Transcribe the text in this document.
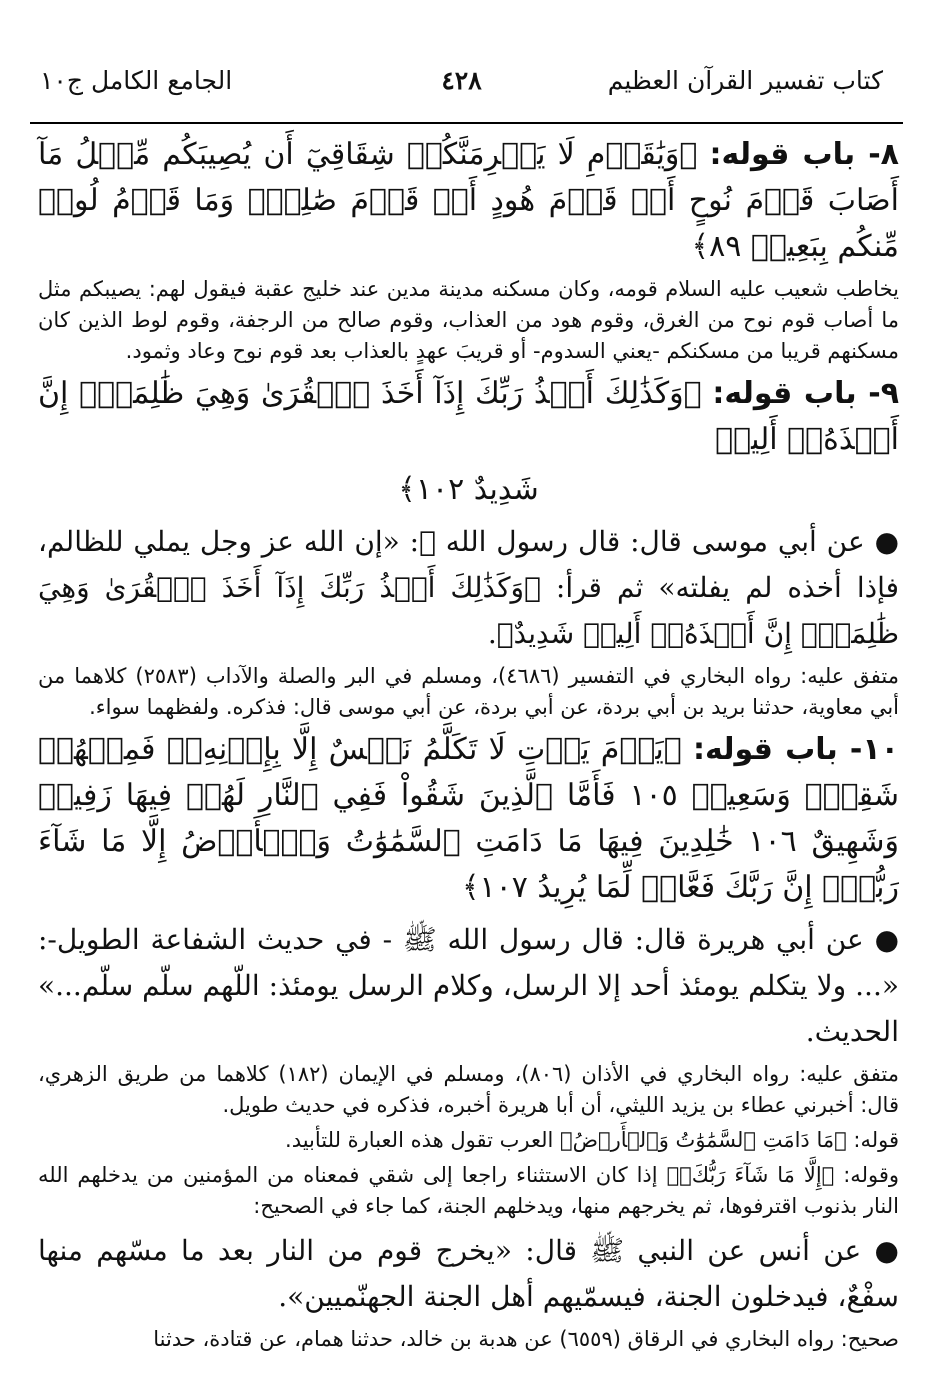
كتاب تفسير القرآن العظيم
٤٢٨
الجامع الكامل ج١٠

٨- باب قوله: ﴿وَيَٰقَوۡمِ لَا يَجۡرِمَنَّكُمۡ شِقَاقِيٓ أَن يُصِيبَكُم مِّثۡلُ مَآ أَصَابَ قَوۡمَ نُوحٍ أَوۡ قَوۡمَ هُودٍ أَوۡ قَوۡمَ صَٰلِحٖۚ وَمَا قَوۡمُ لُوطٖ مِّنكُم بِبَعِيدٖ ٨٩﴾

يخاطب شعيب عليه السلام قومه، وكان مسكنه مدينة مدين عند خليج عقبة فيقول لهم: يصيبكم مثل ما أصاب قوم نوح من الغرق، وقوم هود من العذاب، وقوم صالح من الرجفة، وقوم لوط الذين كان مسكنهم قريبا من مسكنكم -يعني السدوم- أو قريبَ عهدٍ بالعذاب بعد قوم نوح وعاد وثمود.

٩- باب قوله: ﴿وَكَذَٰلِكَ أَخۡذُ رَبِّكَ إِذَآ أَخَذَ ٱلۡقُرَىٰ وَهِيَ ظَٰلِمَةٌۚ إِنَّ أَخۡذَهُۥٓ أَلِيمٞ

شَدِيدٌ ١٠٢﴾

● عن أبي موسى قال: قال رسول الله ﷺ: «إن الله عز وجل يملي للظالم، فإذا أخذه لم يفلته» ثم قرأ: ﴿وَكَذَٰلِكَ أَخۡذُ رَبِّكَ إِذَآ أَخَذَ ٱلۡقُرَىٰ وَهِيَ ظَٰلِمَةٌۚ إِنَّ أَخۡذَهُۥٓ أَلِيمٞ شَدِيدٌ﴾.

متفق عليه: رواه البخاري في التفسير (٤٦٨٦)، ومسلم في البر والصلة والآداب (٢٥٨٣) كلاهما من أبي معاوية، حدثنا بريد بن أبي بردة، عن أبي بردة، عن أبي موسى قال: فذكره. ولفظهما سواء.

١٠- باب قوله: ﴿يَوۡمَ يَأۡتِ لَا تَكَلَّمُ نَفۡسٌ إِلَّا بِإِذۡنِهِۦۚ فَمِنۡهُمۡ شَقِيّٞ وَسَعِيدٞ ١٠٥ فَأَمَّا ٱلَّذِينَ شَقُواْ فَفِي ٱلنَّارِ لَهُمۡ فِيهَا زَفِيرٞ وَشَهِيقٌ ١٠٦ خَٰلِدِينَ فِيهَا مَا دَامَتِ ٱلسَّمَٰوَٰتُ وَٱلۡأَرۡضُ إِلَّا مَا شَآءَ رَبُّكَۚ إِنَّ رَبَّكَ فَعَّالٞ لِّمَا يُرِيدُ ١٠٧﴾

● عن أبي هريرة قال: قال رسول الله ﷺ - في حديث الشفاعة الطويل-: «... ولا يتكلم يومئذ أحد إلا الرسل، وكلام الرسل يومئذ: اللّهم سلّم سلّم...» الحديث.

متفق عليه: رواه البخاري في الأذان (٨٠٦)، ومسلم في الإيمان (١٨٢) كلاهما من طريق الزهري، قال: أخبرني عطاء بن يزيد الليثي، أن أبا هريرة أخبره، فذكره في حديث طويل.

قوله: ﴿مَا دَامَتِ ٱلسَّمَٰوَٰتُ وَٱلۡأَرۡضُ﴾ العرب تقول هذه العبارة للتأبيد.

وقوله: ﴿إِلَّا مَا شَآءَ رَبُّكَۚ﴾ إذا كان الاستثناء راجعا إلى شقي فمعناه من المؤمنين من يدخلهم الله النار بذنوب اقترفوها، ثم يخرجهم منها، ويدخلهم الجنة، كما جاء في الصحيح:

● عن أنس عن النبي ﷺ قال: «يخرج قوم من النار بعد ما مسّهم منها سفْعٌ، فيدخلون الجنة، فيسمّيهم أهل الجنة الجهنّميين».

صحيح: رواه البخاري في الرقاق (٦٥٥٩) عن هدبة بن خالد، حدثنا همام، عن قتادة، حدثنا
